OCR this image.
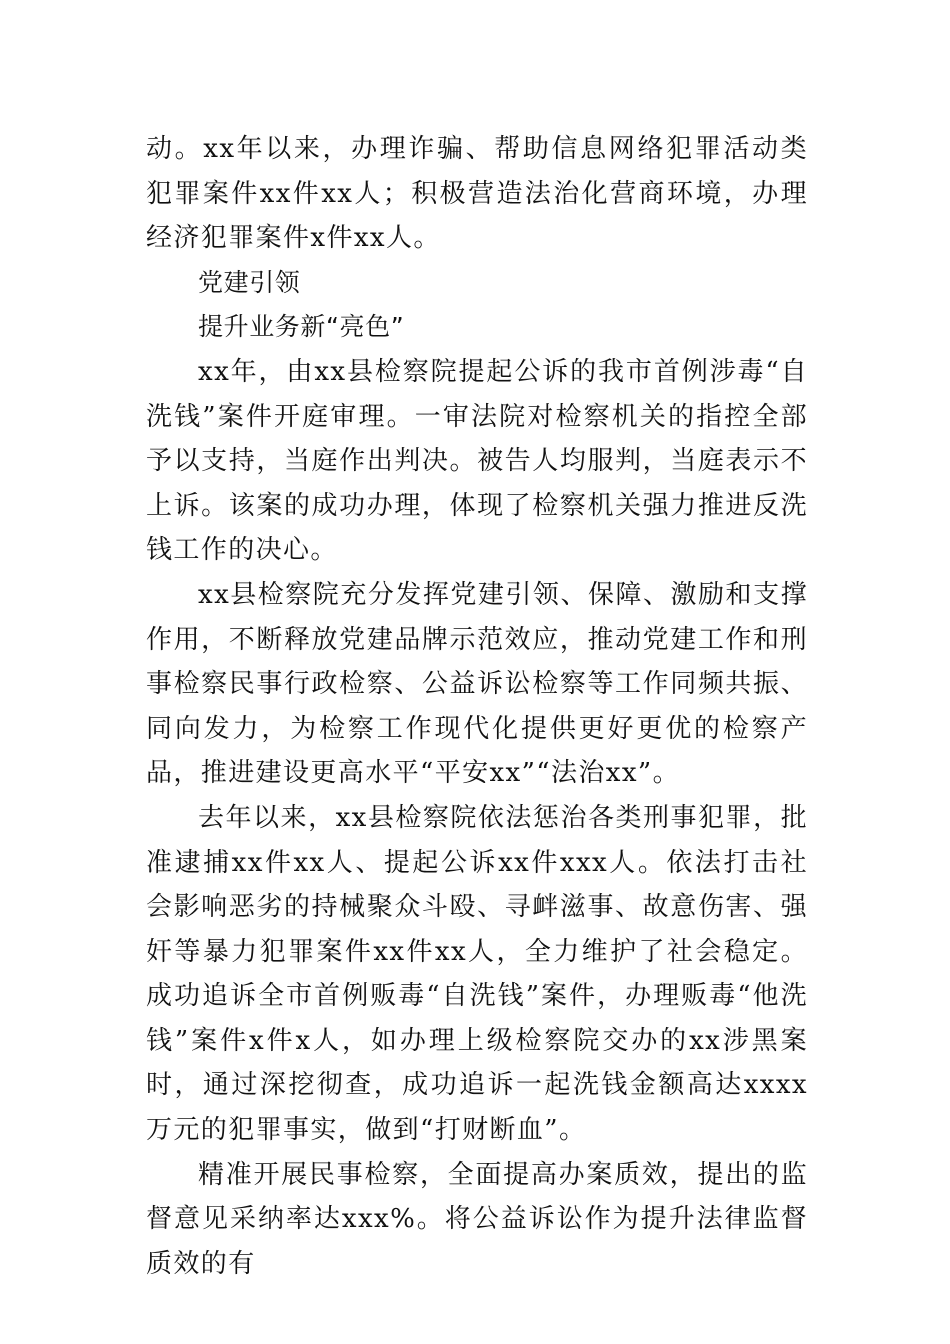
动。xx年以来，办理诈骗、帮助信息网络犯罪活动类犯罪案件xx件xx人；积极营造法治化营商环境，办理经济犯罪案件x件xx人。

党建引领

提升业务新“亮色”

xx年，由xx县检察院提起公诉的我市首例涉毒“自洗钱”案件开庭审理。一审法院对检察机关的指控全部予以支持，当庭作出判决。被告人均服判，当庭表示不上诉。该案的成功办理，体现了检察机关强力推进反洗钱工作的决心。

xx县检察院充分发挥党建引领、保障、激励和支撑作用，不断释放党建品牌示范效应，推动党建工作和刑事检察民事行政检察、公益诉讼检察等工作同频共振、同向发力，为检察工作现代化提供更好更优的检察产品，推进建设更高水平“平安xx”“法治xx”。

去年以来，xx县检察院依法惩治各类刑事犯罪，批准逮捕xx件xx人、提起公诉xx件xxx人。依法打击社会影响恶劣的持械聚众斗殴、寻衅滋事、故意伤害、强奸等暴力犯罪案件xx件xx人，全力维护了社会稳定。成功追诉全市首例贩毒“自洗钱”案件，办理贩毒“他洗钱”案件x件x人，如办理上级检察院交办的xx涉黑案时，通过深挖彻查，成功追诉一起洗钱金额高达xxxx万元的犯罪事实，做到“打财断血”。

精准开展民事检察，全面提高办案质效，提出的监督意见采纳率达xxx%。将公益诉讼作为提升法律监督质效的有
